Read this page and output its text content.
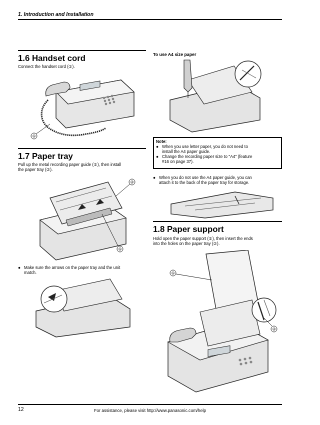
1. Introduction and Installation
1.6 Handset cord
Connect the handset cord (①).
①
1.7 Paper tray
Pull up the metal recording paper guide (①), then install
the paper tray (②).
②
①
● Make sure the arrows on the paper tray and the unit
match.
To use A4 size paper
Note:
● When you use letter paper, you do not need to
install the A4 paper guide.
● Change the recording paper size to "A4" (feature
#16 on page 37).
● When you do not use the A4 paper guide, you can
attach it to the back of the paper tray for storage.
1.8 Paper support
Hold open the paper support (①), then insert the ends
into the holes on the paper tray (②).
①
②
12	For assistance, please visit http://www.panasonic.com/help
